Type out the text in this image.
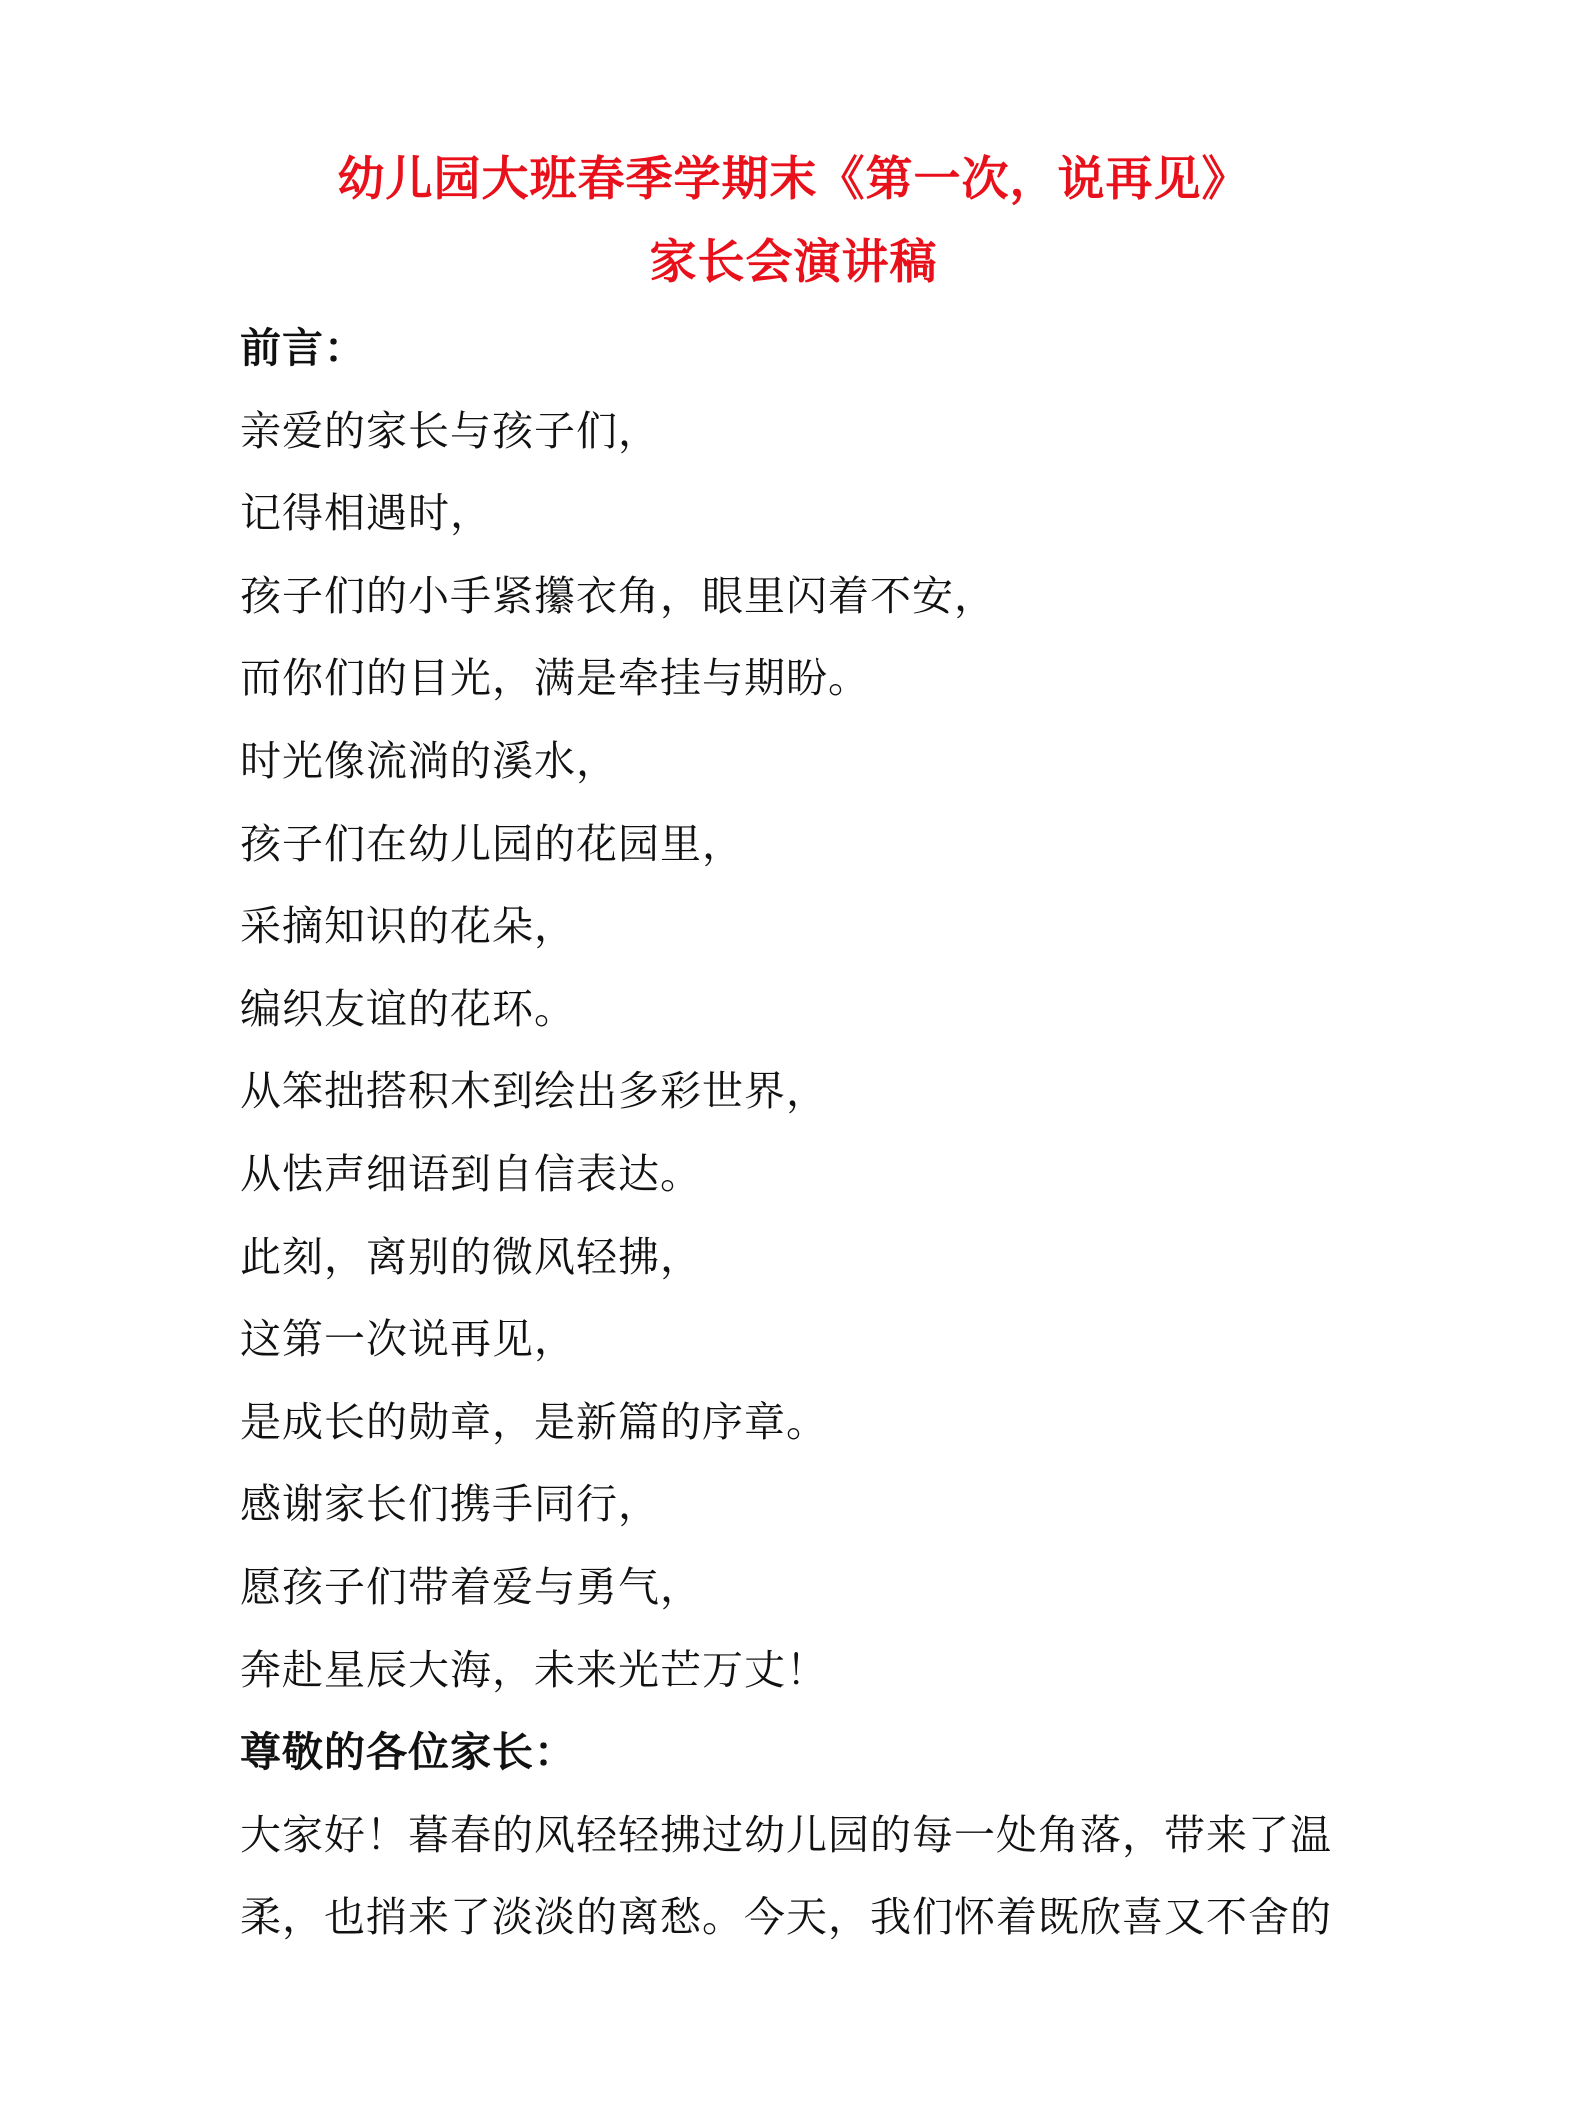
幼儿园大班春季学期末《第一次，说再见》
家长会演讲稿
前言：
亲爱的家长与孩子们，
记得相遇时，
孩子们的小手紧攥衣角，眼里闪着不安，
而你们的目光，满是牵挂与期盼。
时光像流淌的溪水，
孩子们在幼儿园的花园里，
采摘知识的花朵，
编织友谊的花环。
从笨拙搭积木到绘出多彩世界，
从怯声细语到自信表达。
此刻，离别的微风轻拂，
这第一次说再见，
是成长的勋章，是新篇的序章。
感谢家长们携手同行，
愿孩子们带着爱与勇气，
奔赴星辰大海，未来光芒万丈！
尊敬的各位家长：
大家好！暮春的风轻轻拂过幼儿园的每一处角落，带来了温
柔，也捎来了淡淡的离愁。今天，我们怀着既欣喜又不舍的
